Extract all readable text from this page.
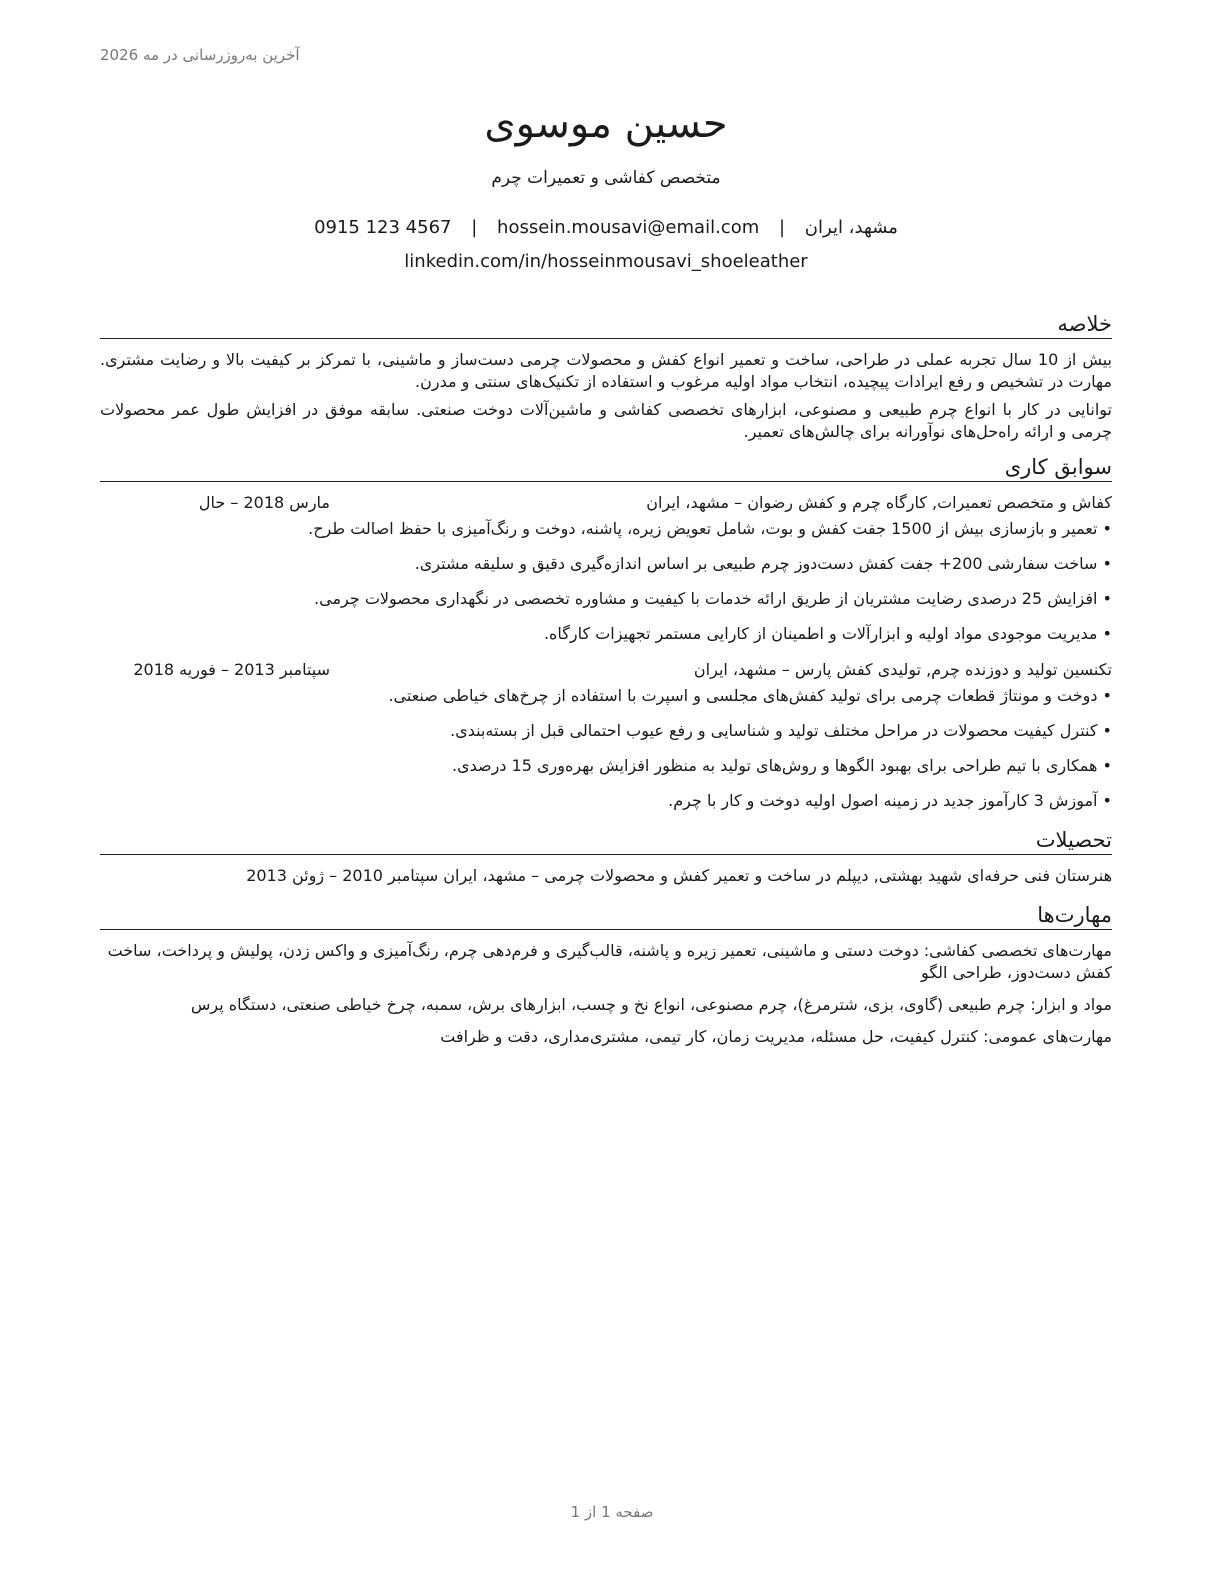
آخرین به‌روزرسانی در مه 2026
حسین موسوی
متخصص کفاشی و تعمیرات چرم
مشهد، ایران | hossein.mousavi@email.com | 0915 123 4567
linkedin.com/in/hosseinmousavi_shoeleather
خلاصه

بیش از 10 سال تجربه عملی در طراحی، ساخت و تعمیر انواع کفش و محصولات چرمی دست‌ساز و ماشینی، با تمرکز بر کیفیت بالا و رضایت مشتری. مهارت در تشخیص و رفع ایرادات پیچیده، انتخاب مواد اولیه مرغوب و استفاده از تکنیک‌های سنتی و مدرن.

توانایی در کار با انواع چرم طبیعی و مصنوعی، ابزارهای تخصصی کفاشی و ماشین‌آلات دوخت صنعتی. سابقه موفق در افزایش طول عمر محصولات چرمی و ارائه راه‌حل‌های نوآورانه برای چالش‌های تعمیر.

سوابق کاری
کفاش و متخصص تعمیرات, کارگاه چرم و کفش رضوان – مشهد، ایران
مارس 2018 – حال
• تعمیر و بازسازی بیش از 1500 جفت کفش و بوت، شامل تعویض زیره، پاشنه، دوخت و رنگ‌آمیزی با حفظ اصالت طرح.
• ساخت سفارشی 200+ جفت کفش دست‌دوز چرم طبیعی بر اساس اندازه‌گیری دقیق و سلیقه مشتری.
• افزایش 25 درصدی رضایت مشتریان از طریق ارائه خدمات با کیفیت و مشاوره تخصصی در نگهداری محصولات چرمی.
• مدیریت موجودی مواد اولیه و ابزارآلات و اطمینان از کارایی مستمر تجهیزات کارگاه.
تکنسین تولید و دوزنده چرم, تولیدی کفش پارس – مشهد، ایران
سپتامبر 2013 – فوریه 2018
• دوخت و مونتاژ قطعات چرمی برای تولید کفش‌های مجلسی و اسپرت با استفاده از چرخ‌های خیاطی صنعتی.
• کنترل کیفیت محصولات در مراحل مختلف تولید و شناسایی و رفع عیوب احتمالی قبل از بسته‌بندی.
• همکاری با تیم طراحی برای بهبود الگوها و روش‌های تولید به منظور افزایش بهره‌وری 15 درصدی.
• آموزش 3 کارآموز جدید در زمینه اصول اولیه دوخت و کار با چرم.
تحصیلات
هنرستان فنی حرفه‌ای شهید بهشتی, دیپلم در ساخت و تعمیر کفش و محصولات چرمی – مشهد، ایران سپتامبر 2010 – ژوئن 2013
مهارت‌ها
مهارت‌های تخصصی کفاشی: دوخت دستی و ماشینی، تعمیر زیره و پاشنه، قالب‌گیری و فرم‌دهی چرم، رنگ‌آمیزی و واکس زدن، پولیش و پرداخت، ساخت کفش دست‌دوز، طراحی الگو
مواد و ابزار: چرم طبیعی (گاوی، بزی، شترمرغ)، چرم مصنوعی، انواع نخ و چسب، ابزارهای برش، سمبه، چرخ خیاطی صنعتی، دستگاه پرس
مهارت‌های عمومی: کنترل کیفیت، حل مسئله، مدیریت زمان، کار تیمی، مشتری‌مداری، دقت و ظرافت
صفحه 1 از 1
